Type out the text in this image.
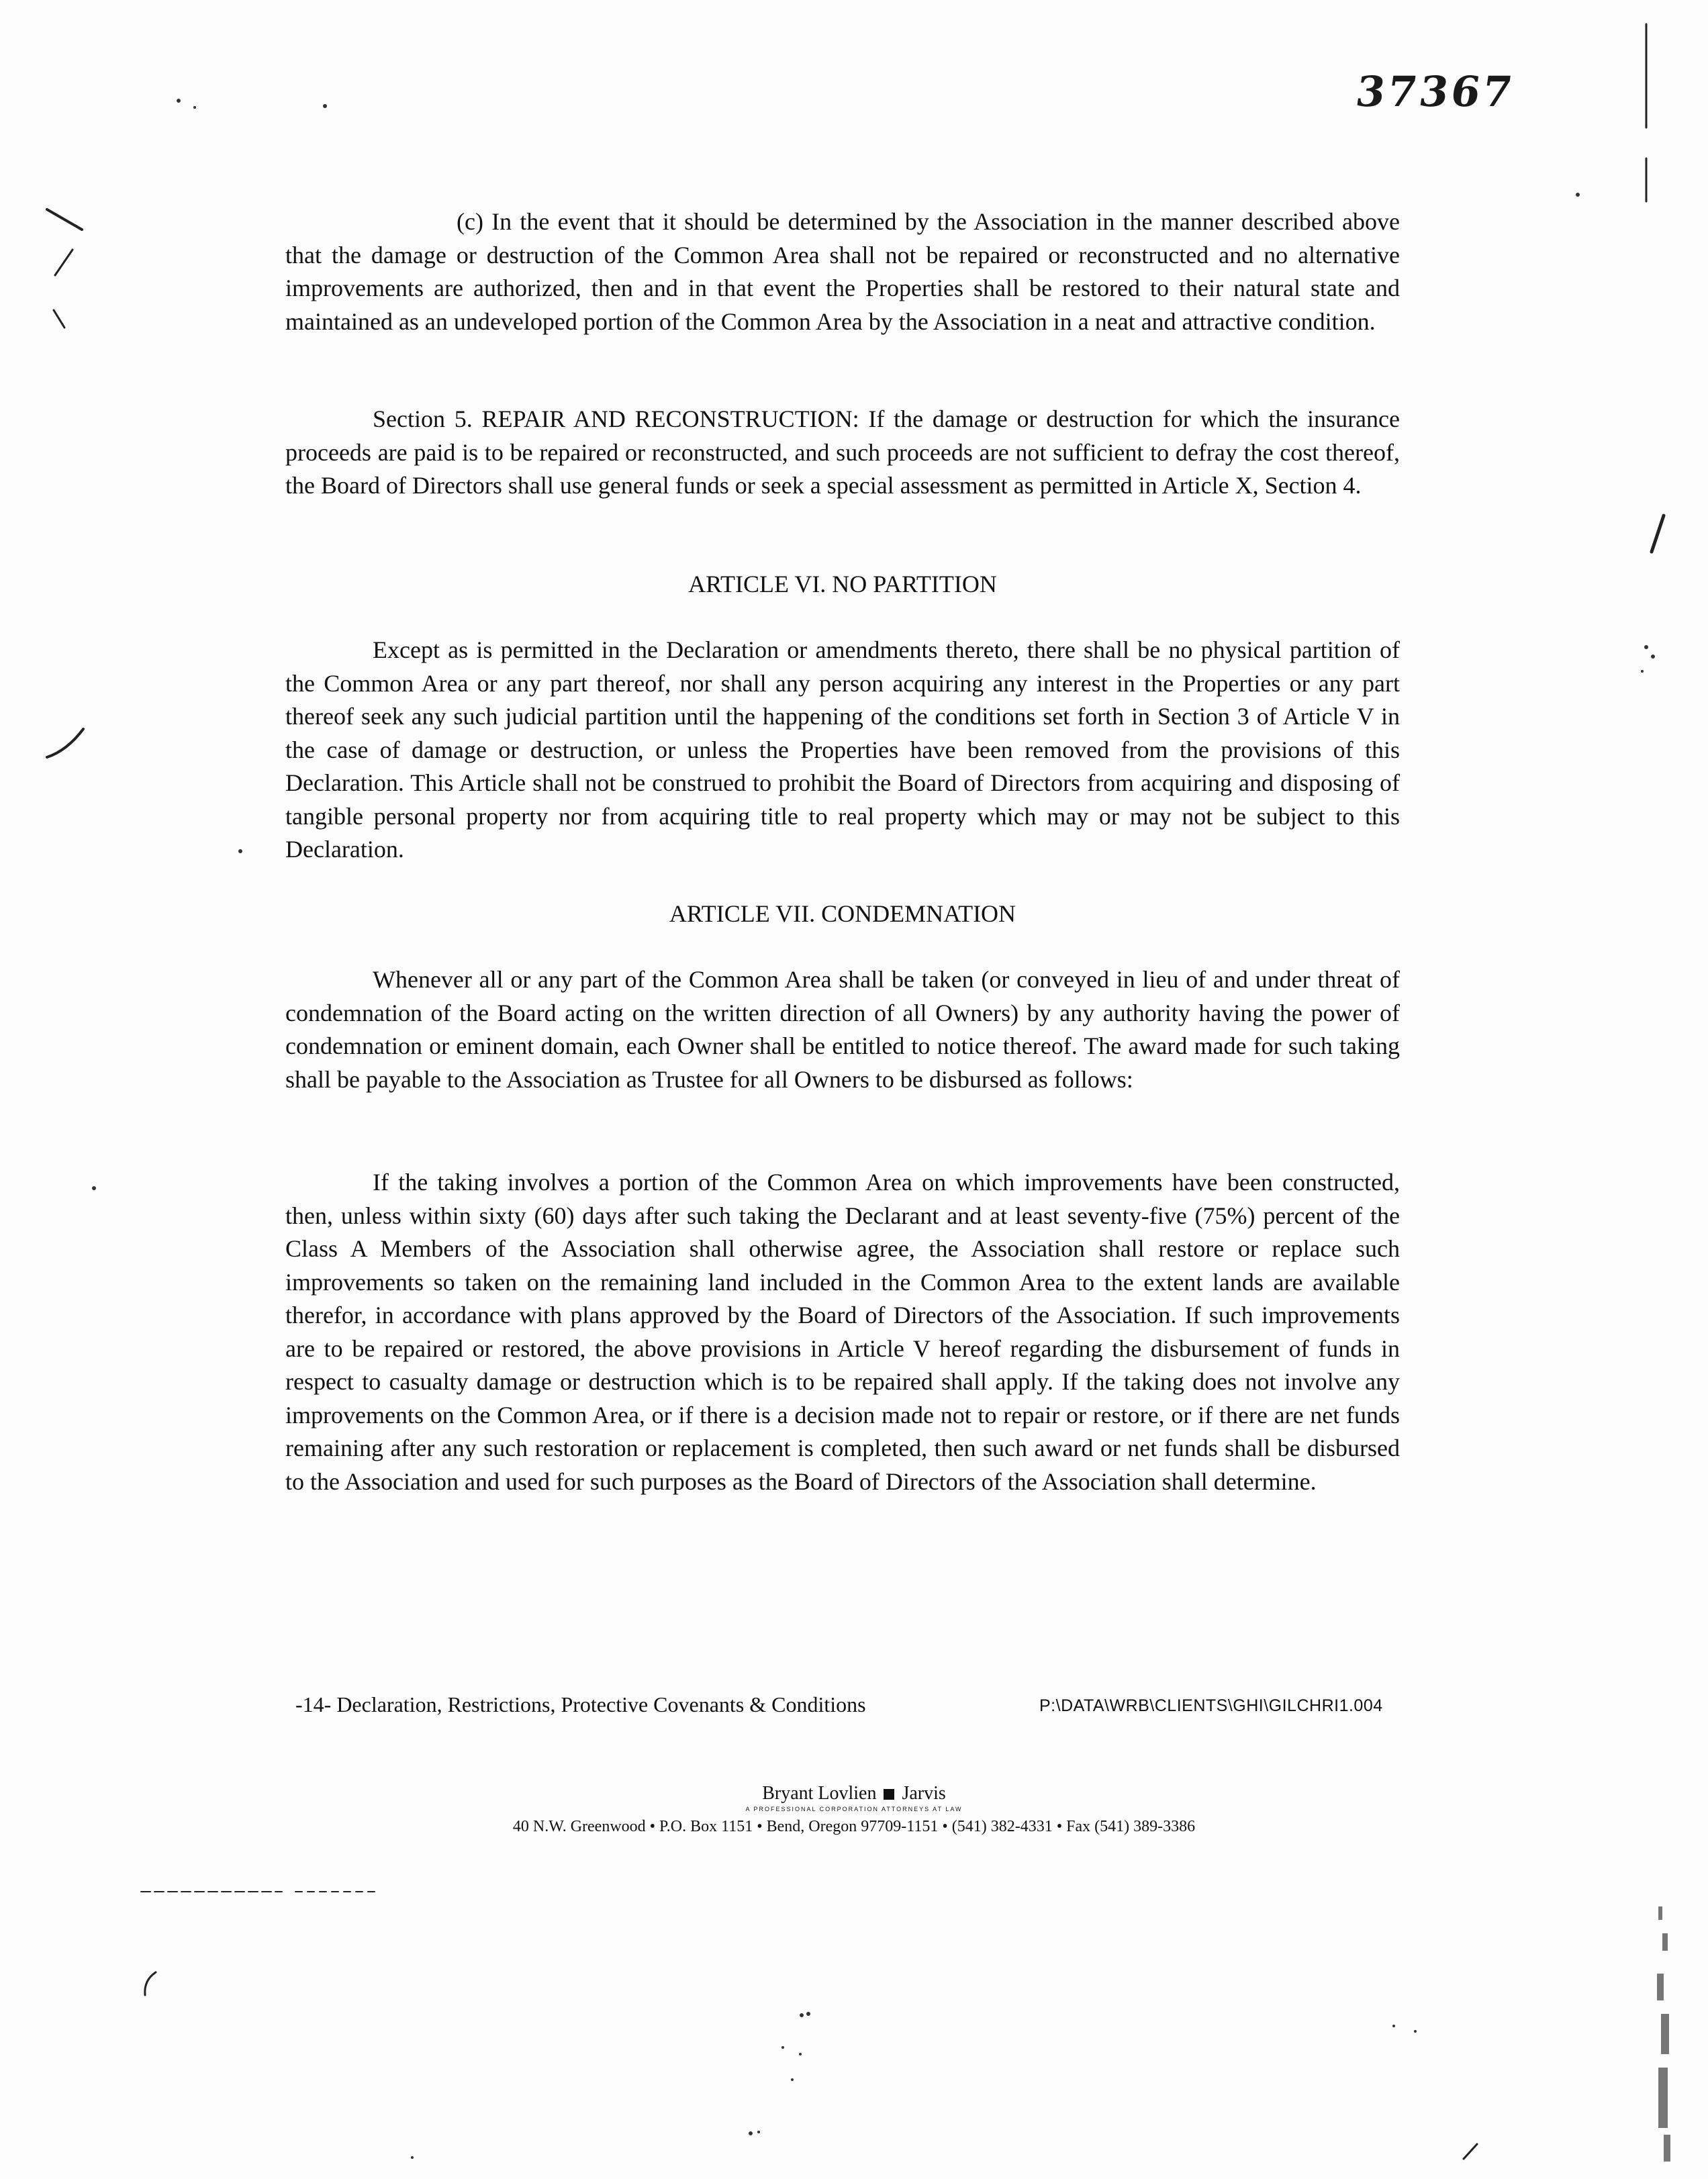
37367

(c) In the event that it should be determined by the Association in the manner described above that the damage or destruction of the Common Area shall not be repaired or reconstructed and no alternative improvements are authorized, then and in that event the Properties shall be restored to their natural state and maintained as an undeveloped portion of the Common Area by the Association in a neat and attractive condition.

Section 5. REPAIR AND RECONSTRUCTION: If the damage or destruction for which the insurance proceeds are paid is to be repaired or reconstructed, and such proceeds are not sufficient to defray the cost thereof, the Board of Directors shall use general funds or seek a special assessment as permitted in Article X, Section 4.

ARTICLE VI. NO PARTITION

Except as is permitted in the Declaration or amendments thereto, there shall be no physical partition of the Common Area or any part thereof, nor shall any person acquiring any interest in the Properties or any part thereof seek any such judicial partition until the happening of the conditions set forth in Section 3 of Article V in the case of damage or destruction, or unless the Properties have been removed from the provisions of this Declaration. This Article shall not be construed to prohibit the Board of Directors from acquiring and disposing of tangible personal property nor from acquiring title to real property which may or may not be subject to this Declaration.

ARTICLE VII. CONDEMNATION

Whenever all or any part of the Common Area shall be taken (or conveyed in lieu of and under threat of condemnation of the Board acting on the written direction of all Owners) by any authority having the power of condemnation or eminent domain, each Owner shall be entitled to notice thereof. The award made for such taking shall be payable to the Association as Trustee for all Owners to be disbursed as follows:

If the taking involves a portion of the Common Area on which improvements have been constructed, then, unless within sixty (60) days after such taking the Declarant and at least seventy-five (75%) percent of the Class A Members of the Association shall otherwise agree, the Association shall restore or replace such improvements so taken on the remaining land included in the Common Area to the extent lands are available therefor, in accordance with plans approved by the Board of Directors of the Association. If such improvements are to be repaired or restored, the above provisions in Article V hereof regarding the disbursement of funds in respect to casualty damage or destruction which is to be repaired shall apply. If the taking does not involve any improvements on the Common Area, or if there is a decision made not to repair or restore, or if there are net funds remaining after any such restoration or replacement is completed, then such award or net funds shall be disbursed to the Association and used for such purposes as the Board of Directors of the Association shall determine.

-14- Declaration, Restrictions, Protective Covenants & Conditions	P:\DATA\WRB\CLIENTS\GHI\GILCHRI1.004
Bryant Lovlien Jarvis
A PROFESSIONAL CORPORATION ATTORNEYS AT LAW
40 N.W. Greenwood • P.O. Box 1151 • Bend, Oregon 97709-1151 • (541) 382-4331 • Fax (541) 389-3386
